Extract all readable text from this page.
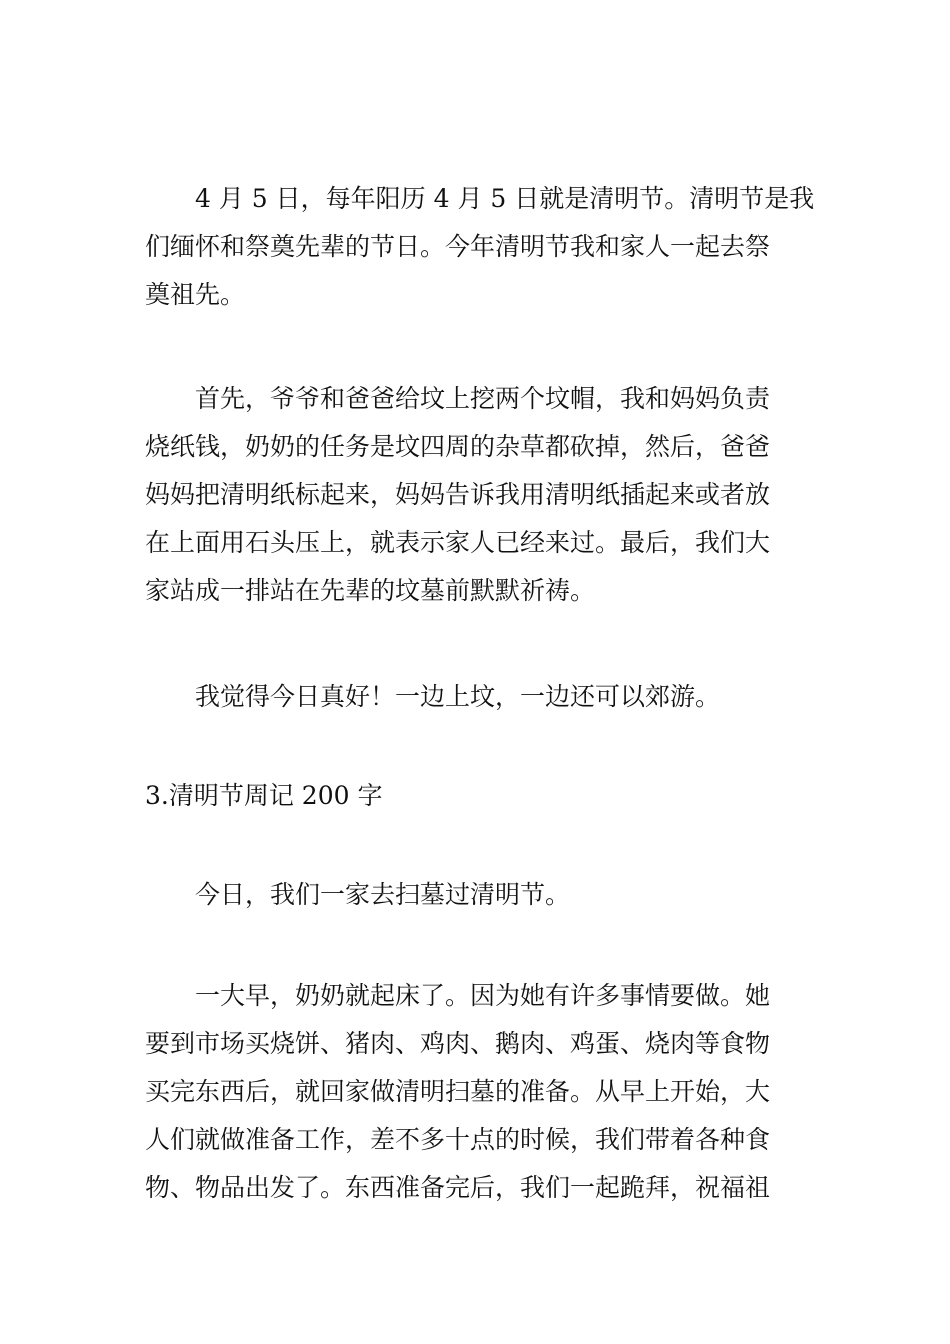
4 月 5 日，每年阳历 4 月 5 日就是清明节。清明节是我
们缅怀和祭奠先辈的节日。今年清明节我和家人一起去祭
奠祖先。
首先，爷爷和爸爸给坟上挖两个坟帽，我和妈妈负责
烧纸钱，奶奶的任务是坟四周的杂草都砍掉，然后，爸爸
妈妈把清明纸标起来，妈妈告诉我用清明纸插起来或者放
在上面用石头压上，就表示家人已经来过。最后，我们大
家站成一排站在先辈的坟墓前默默祈祷。
我觉得今日真好！一边上坟，一边还可以郊游。
3.清明节周记 200 字
今日，我们一家去扫墓过清明节。
一大早，奶奶就起床了。因为她有许多事情要做。她
要到市场买烧饼、猪肉、鸡肉、鹅肉、鸡蛋、烧肉等食物
买完东西后，就回家做清明扫墓的准备。从早上开始，大
人们就做准备工作，差不多十点的时候，我们带着各种食
物、物品出发了。东西准备完后，我们一起跪拜，祝福祖
